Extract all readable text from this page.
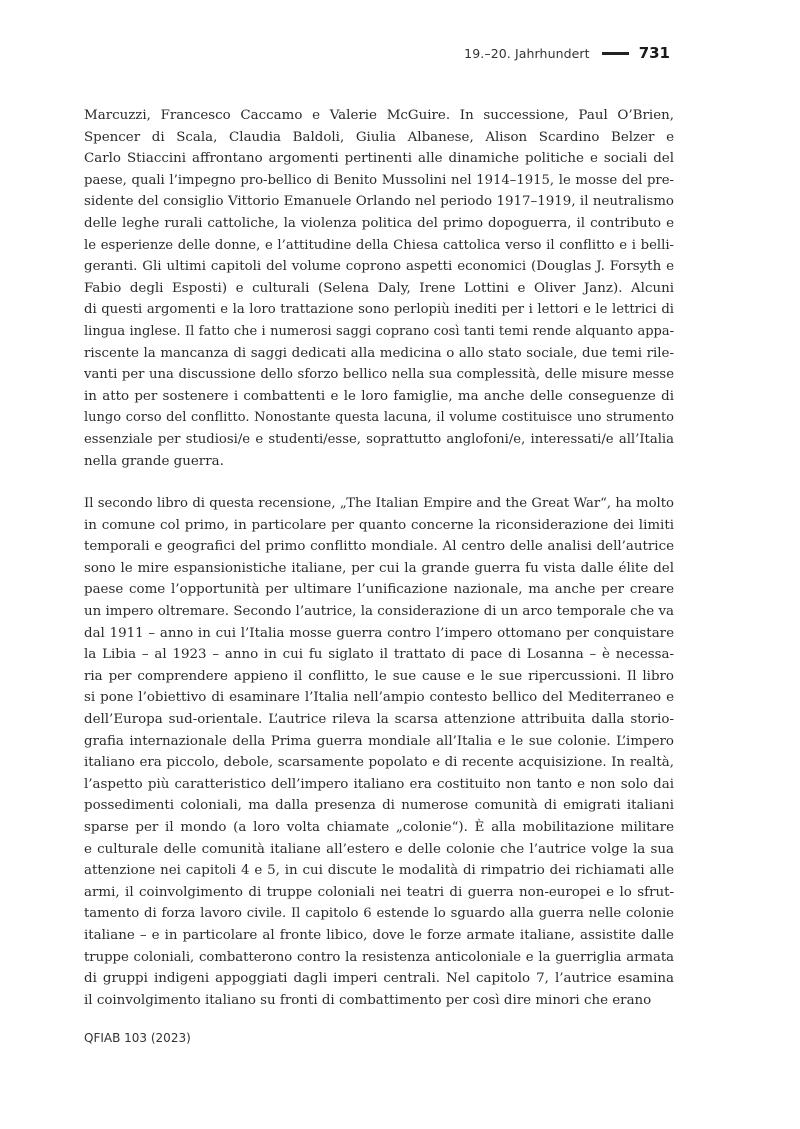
19.–20. Jahrhundert	731
Marcuzzi, Francesco Caccamo e Valerie McGuire. In successione, Paul O’Brien,
Spencer di Scala, Claudia Baldoli, Giulia Albanese, Alison Scardino Belzer e
Carlo Stiaccini affrontano argomenti pertinenti alle dinamiche politiche e sociali del
paese, quali l’impegno pro-bellico di Benito Mussolini nel 1914–1915, le mosse del pre-
sidente del consiglio Vittorio Emanuele Orlando nel periodo 1917–1919, il neutralismo
delle leghe rurali cattoliche, la violenza politica del primo dopoguerra, il contributo e
le esperienze delle donne, e l’attitudine della Chiesa cattolica verso il conflitto e i belli-
geranti. Gli ultimi capitoli del volume coprono aspetti economici (Douglas J. Forsyth e
Fabio degli Esposti) e culturali (Selena Daly, Irene Lottini e Oliver Janz). Alcuni
di questi argomenti e la loro trattazione sono perlopiù inediti per i lettori e le lettrici di
lingua inglese. Il fatto che i numerosi saggi coprano così tanti temi rende alquanto appa-
riscente la mancanza di saggi dedicati alla medicina o allo stato sociale, due temi rile-
vanti per una discussione dello sforzo bellico nella sua complessità, delle misure messe
in atto per sostenere i combattenti e le loro famiglie, ma anche delle conseguenze di
lungo corso del conflitto. Nonostante questa lacuna, il volume costituisce uno strumento
essenziale per studiosi/e e studenti/esse, soprattutto anglofoni/e, interessati/e all’Italia
nella grande guerra.
Il secondo libro di questa recensione, „The Italian Empire and the Great War“, ha molto
in comune col primo, in particolare per quanto concerne la riconsiderazione dei limiti
temporali e geografici del primo conflitto mondiale. Al centro delle analisi dell’autrice
sono le mire espansionistiche italiane, per cui la grande guerra fu vista dalle élite del
paese come l’opportunità per ultimare l’unificazione nazionale, ma anche per creare
un impero oltremare. Secondo l’autrice, la considerazione di un arco temporale che va
dal 1911 – anno in cui l’Italia mosse guerra contro l’impero ottomano per conquistare
la Libia – al 1923 – anno in cui fu siglato il trattato di pace di Losanna – è necessa-
ria per comprendere appieno il conflitto, le sue cause e le sue ripercussioni. Il libro
si pone l’obiettivo di esaminare l’Italia nell’ampio contesto bellico del Mediterraneo e
dell’Europa sud-orientale. L’autrice rileva la scarsa attenzione attribuita dalla storio-
grafia internazionale della Prima guerra mondiale all’Italia e le sue colonie. L’impero
italiano era piccolo, debole, scarsamente popolato e di recente acquisizione. In realtà,
l’aspetto più caratteristico dell’impero italiano era costituito non tanto e non solo dai
possedimenti coloniali, ma dalla presenza di numerose comunità di emigrati italiani
sparse per il mondo (a loro volta chiamate „colonie“). È alla mobilitazione militare
e culturale delle comunità italiane all’estero e delle colonie che l’autrice volge la sua
attenzione nei capitoli 4 e 5, in cui discute le modalità di rimpatrio dei richiamati alle
armi, il coinvolgimento di truppe coloniali nei teatri di guerra non-europei e lo sfrut-
tamento di forza lavoro civile. Il capitolo 6 estende lo sguardo alla guerra nelle colonie
italiane – e in particolare al fronte libico, dove le forze armate italiane, assistite dalle
truppe coloniali, combatterono contro la resistenza anticoloniale e la guerriglia armata
di gruppi indigeni appoggiati dagli imperi centrali. Nel capitolo 7, l’autrice esamina
il coinvolgimento italiano su fronti di combattimento per così dire minori che erano
QFIAB 103 (2023)
